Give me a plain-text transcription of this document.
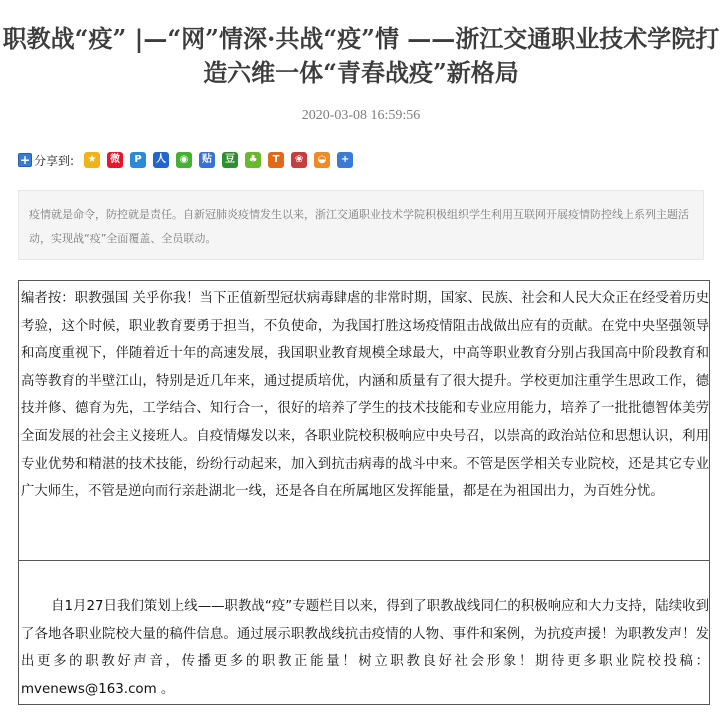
职教战“疫” |—“网”情深·共战“疫”情 ——浙江交通职业技术学院打造六维一体“青春战疫”新格局
2020-03-08 16:59:56
+ 分享到:	★	微	P	人	◉	贴	豆	♣	T	❀	◒	+
疫情就是命令，防控就是责任。自新冠肺炎疫情发生以来，浙江交通职业技术学院积极组织学生利用互联网开展疫情防控线上系列主题活动，实现战“疫”全面覆盖、全员联动。
编者按：职教强国 关乎你我！当下正值新型冠状病毒肆虐的非常时期，国家、民族、社会和人民大众正在经受着历史考验，这个时候，职业教育要勇于担当，不负使命，为我国打胜这场疫情阻击战做出应有的贡献。在党中央坚强领导和高度重视下，伴随着近十年的高速发展，我国职业教育规模全球最大，中高等职业教育分别占我国高中阶段教育和高等教育的半壁江山，特别是近几年来，通过提质培优，内涵和质量有了很大提升。学校更加注重学生思政工作，德技并修、德育为先，工学结合、知行合一，很好的培养了学生的技术技能和专业应用能力，培养了一批批德智体美劳全面发展的社会主义接班人。自疫情爆发以来，各职业院校积极响应中央号召，以崇高的政治站位和思想认识，利用专业优势和精湛的技术技能，纷纷行动起来，加入到抗击病毒的战斗中来。不管是医学相关专业院校，还是其它专业广大师生，不管是逆向而行亲赴湖北一线，还是各自在所属地区发挥能量，都是在为祖国出力，为百姓分忧。
自1月27日我们策划上线——职教战“疫”专题栏目以来，得到了职教战线同仁的积极响应和大力支持，陆续收到了各地各职业院校大量的稿件信息。通过展示职教战线抗击疫情的人物、事件和案例，为抗疫声援！为职教发声！发出更多的职教好声音，传播更多的职教正能量！树立职教良好社会形象！期待更多职业院校投稿：mvenews@163.com 。
